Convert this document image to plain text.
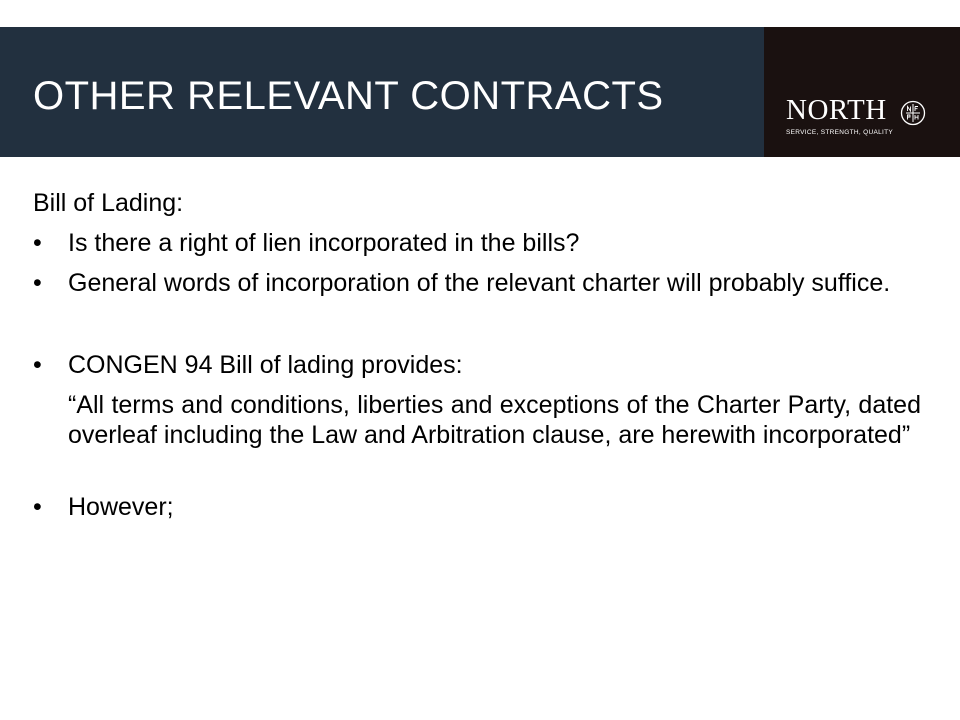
OTHER RELEVANT CONTRACTS	NORTH
SERVICE, STRENGTH, QUALITY
Bill of Lading:
• Is there a right of lien incorporated in the bills?
• General words of incorporation of the relevant charter will probably suffice.
• CONGEN 94 Bill of lading provides:
“All terms and conditions, liberties and exceptions of the Charter Party, dated overleaf including the Law and Arbitration clause, are herewith incorporated”
• However;
